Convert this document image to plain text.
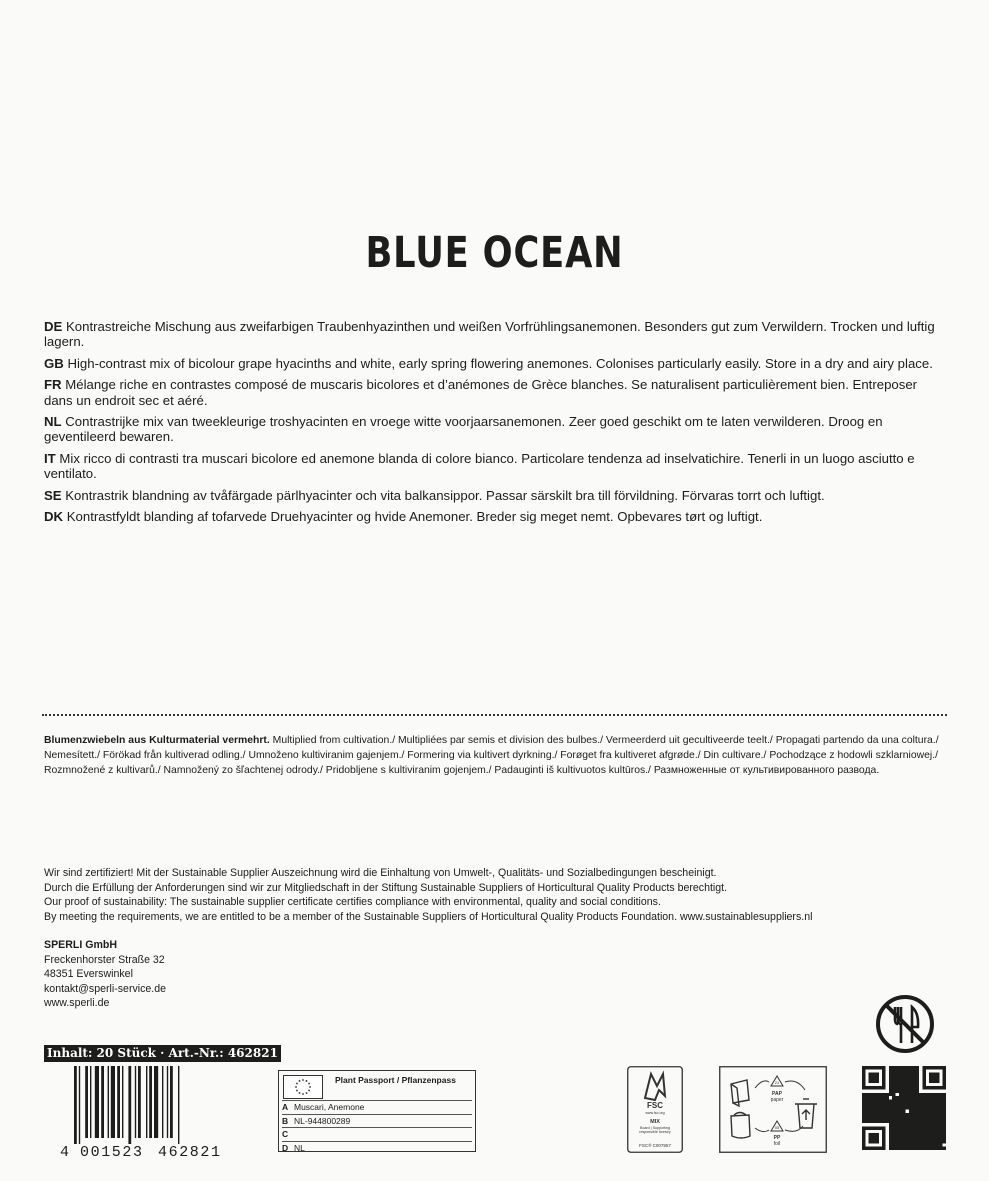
BLUE OCEAN

DE Kontrastreiche Mischung aus zweifarbigen Traubenhyazinthen und weißen Vorfrühlingsanemonen. Besonders gut zum Verwildern. Trocken und luftig lagern.

GB High-contrast mix of bicolour grape hyacinths and white, early spring flowering anemones. Colonises particularly easily. Store in a dry and airy place.

FR Mélange riche en contrastes composé de muscaris bicolores et d’anémones de Grèce blanches. Se naturalisent particulièrement bien. Entreposer dans un endroit sec et aéré.

NL Contrastrijke mix van tweekleurige troshyacinten en vroege witte voorjaarsanemonen. Zeer goed geschikt om te laten verwilderen. Droog en geventileerd bewaren.

IT Mix ricco di contrasti tra muscari bicolore ed anemone blanda di colore bianco. Particolare tendenza ad inselvatichire. Tenerli in un luogo asciutto e ventilato.

SE Kontrastrik blandning av tvåfärgade pärlhyacinter och vita balkansippor. Passar särskilt bra till förvildning. Förvaras torrt och luftigt.

DK Kontrastfyldt blanding af tofarvede Druehyacinter og hvide Anemoner. Breder sig meget nemt. Opbevares tørt og luftigt.

Blumenzwiebeln aus Kulturmaterial vermehrt. Multiplied from cultivation./ Multipliées par semis et division des bulbes./ Vermeerderd uit gecultiveerde teelt./ Propagati partendo da una coltura./ Nemesített./ Förökad från kultiverad odling./ Umnoženo kultiviranim gajenjem./ Formering via kultivert dyrkning./ Forøget fra kultiveret afgrøde./ Din cultivare./ Pochodzące z hodowli szklarniowej./ Rozmnožené z kultivarů./ Namnožený zo šľachtenej odrody./ Pridobljene s kultiviranim gojenjem./ Padauginti iš kultivuotos kultūros./ Размноженные от культивированного развода.
Wir sind zertifiziert! Mit der Sustainable Supplier Auszeichnung wird die Einhaltung von Umwelt-, Qualitäts- und Sozialbedingungen bescheinigt.
Durch die Erfüllung der Anforderungen sind wir zur Mitgliedschaft in der Stiftung Sustainable Suppliers of Horticultural Quality Products berechtigt.
Our proof of sustainability: The sustainable supplier certificate certifies compliance with environmental, quality and social conditions.
By meeting the requirements, we are entitled to be a member of the Sustainable Suppliers of Horticultural Quality Products Foundation. www.sustainablesuppliers.nl
SPERLI GmbH
Freckenhorster Straße 32
48351 Everswinkel
kontakt@sperli-service.de
www.sperli.de
Inhalt: 20 Stück · Art.-Nr.: 462821
4 001523 462821
Plant Passport / Pflanzenpass
A Muscari, Anemone
B NL-944800289
C
D NL
FSC
www.fsc.org
MIX
Board | Supporting responsible forestry
FSC® C007957
21
PAP
paper
05
PP
foil
